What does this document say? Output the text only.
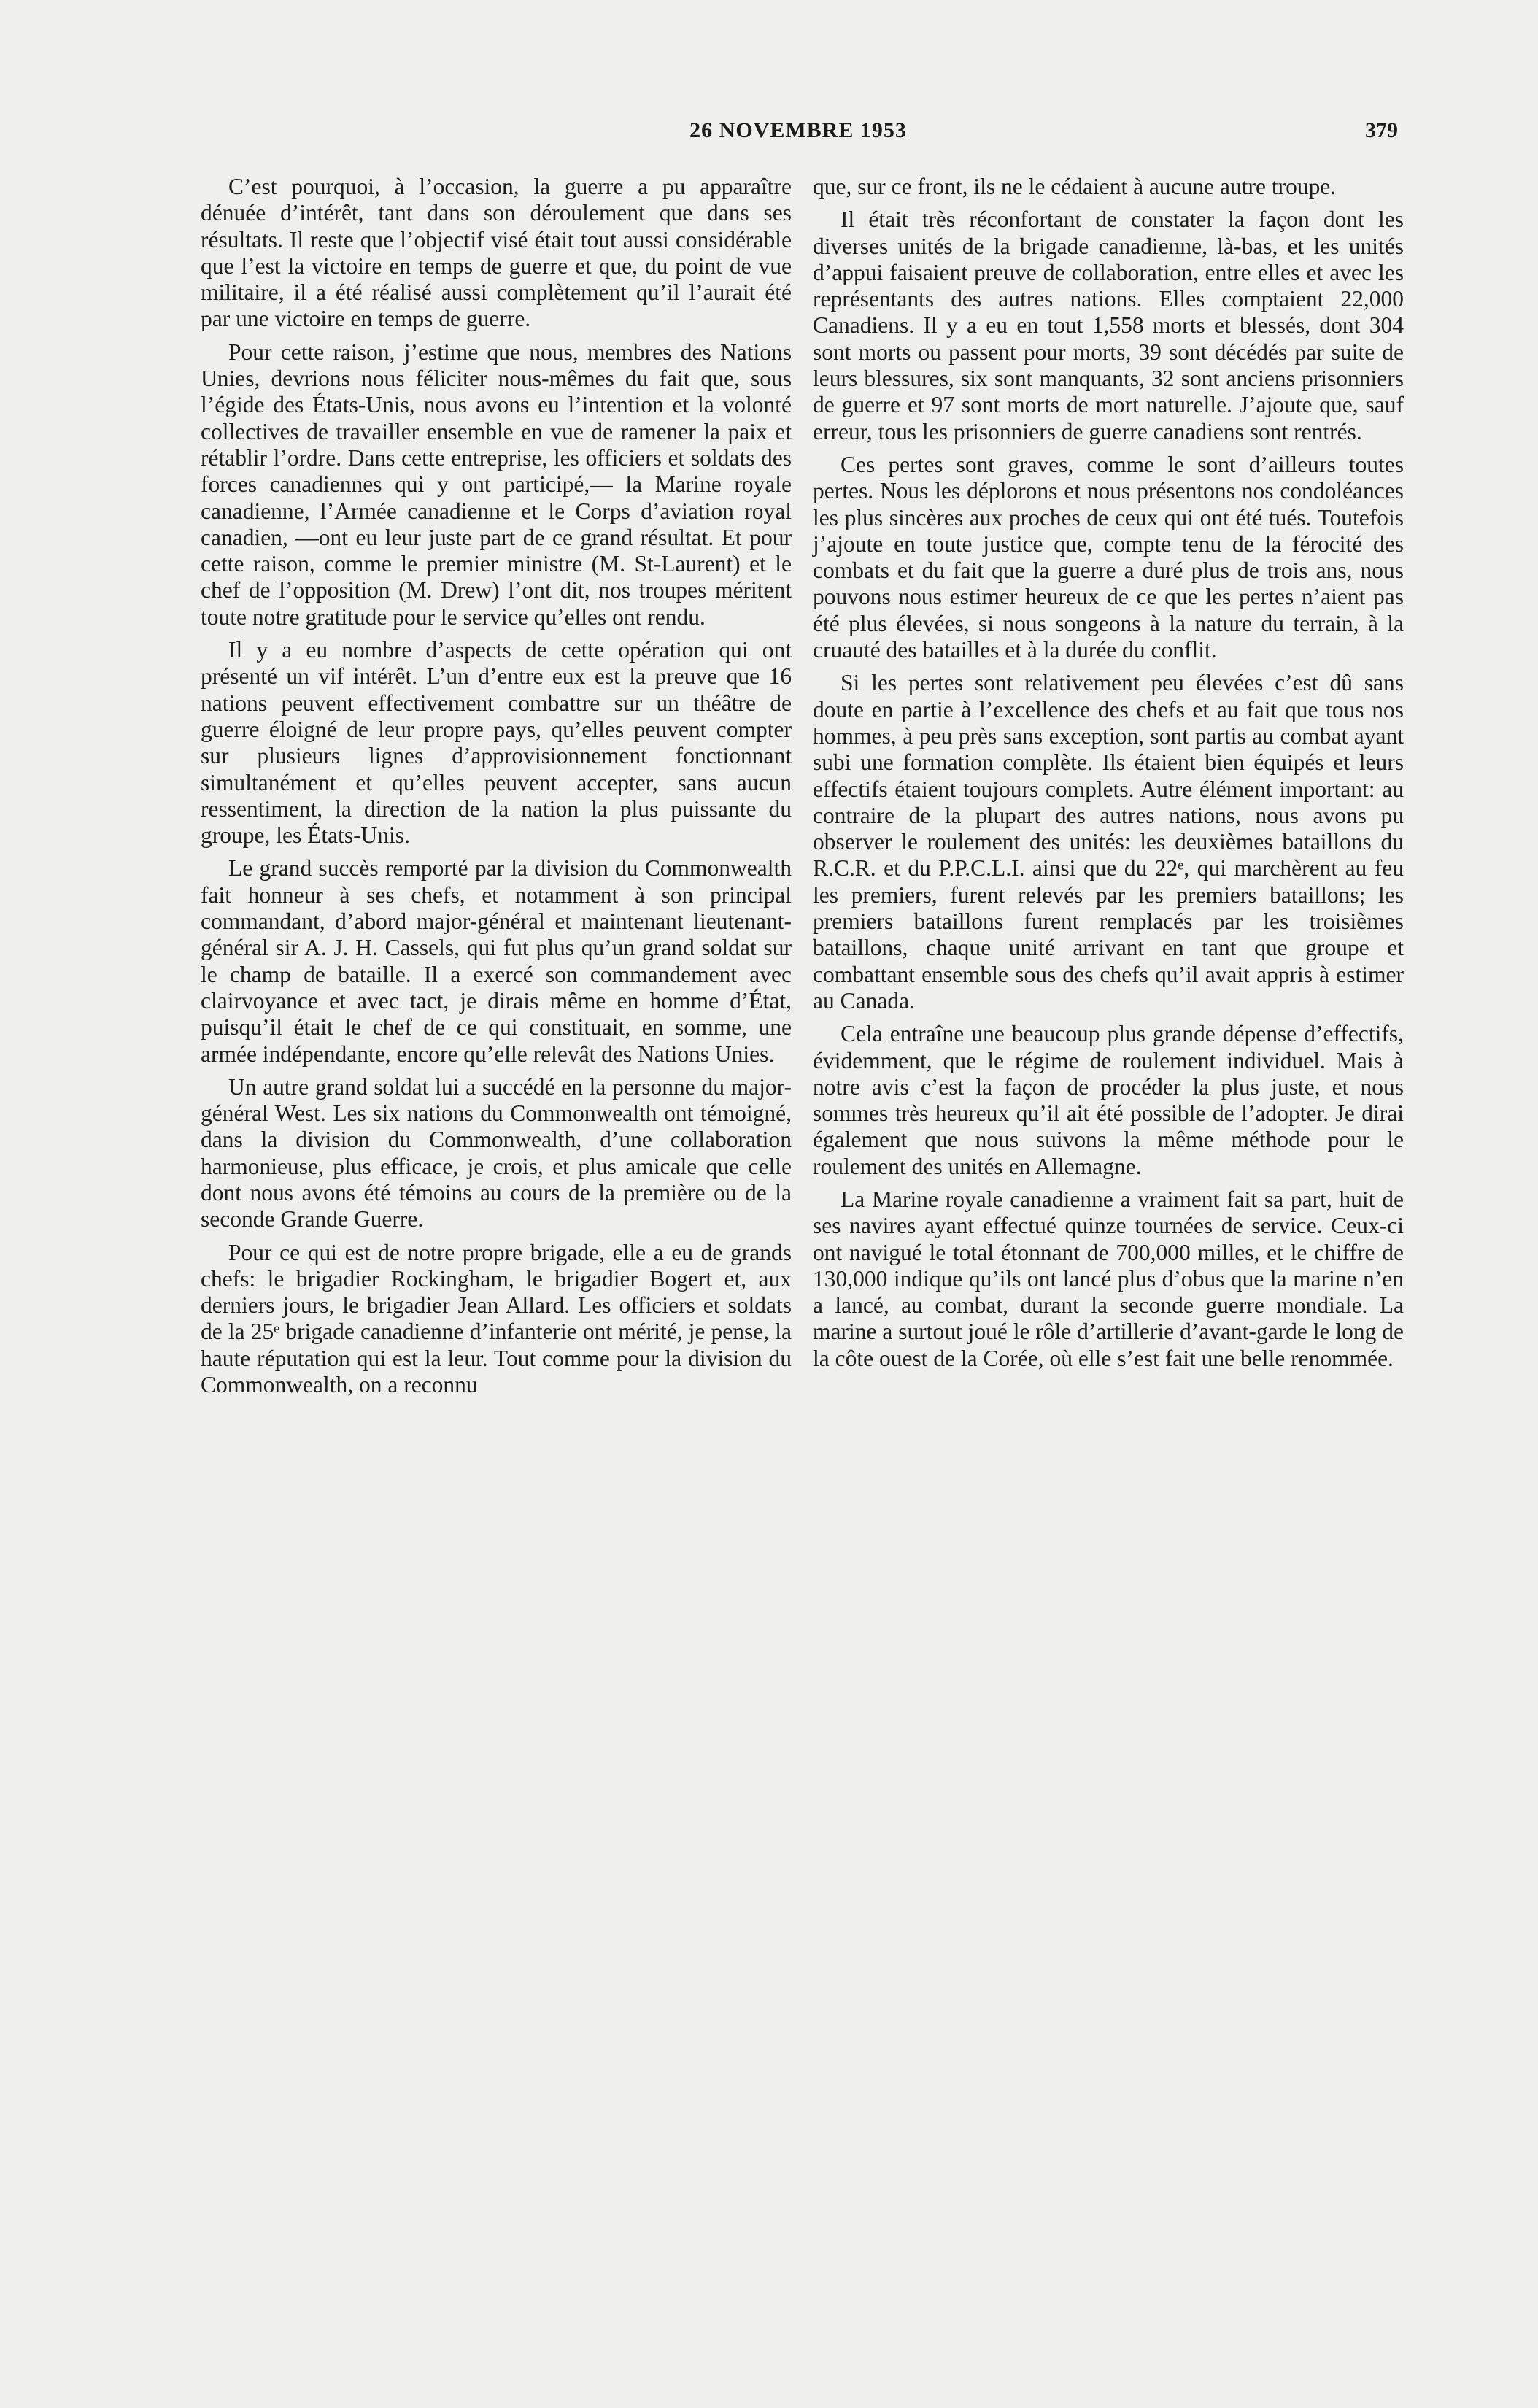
26 NOVEMBRE 1953	379

C’est pourquoi, à l’occasion, la guerre a pu apparaître dénuée d’intérêt, tant dans son déroulement que dans ses résultats. Il reste que l’objectif visé était tout aussi considérable que l’est la victoire en temps de guerre et que, du point de vue militaire, il a été réalisé aussi complètement qu’il l’aurait été par une victoire en temps de guerre.

Pour cette raison, j’estime que nous, membres des Nations Unies, devrions nous féliciter nous-mêmes du fait que, sous l’égide des États-Unis, nous avons eu l’intention et la volonté collectives de travailler ensemble en vue de ramener la paix et rétablir l’ordre. Dans cette entreprise, les officiers et soldats des forces canadiennes qui y ont participé,— la Marine royale canadienne, l’Armée canadienne et le Corps d’aviation royal canadien, —ont eu leur juste part de ce grand résultat. Et pour cette raison, comme le premier ministre (M. St-Laurent) et le chef de l’opposition (M. Drew) l’ont dit, nos troupes méritent toute notre gratitude pour le service qu’elles ont rendu.

Il y a eu nombre d’aspects de cette opération qui ont présenté un vif intérêt. L’un d’entre eux est la preuve que 16 nations peuvent effectivement combattre sur un théâtre de guerre éloigné de leur propre pays, qu’elles peuvent compter sur plusieurs lignes d’approvisionnement fonctionnant simultanément et qu’elles peuvent accepter, sans aucun ressentiment, la direction de la nation la plus puissante du groupe, les États-Unis.

Le grand succès remporté par la division du Commonwealth fait honneur à ses chefs, et notamment à son principal commandant, d’abord major-général et maintenant lieutenant-général sir A. J. H. Cassels, qui fut plus qu’un grand soldat sur le champ de bataille. Il a exercé son commandement avec clairvoyance et avec tact, je dirais même en homme d’État, puisqu’il était le chef de ce qui constituait, en somme, une armée indépendante, encore qu’elle relevât des Nations Unies.

Un autre grand soldat lui a succédé en la personne du major-général West. Les six nations du Commonwealth ont témoigné, dans la division du Commonwealth, d’une collaboration harmonieuse, plus efficace, je crois, et plus amicale que celle dont nous avons été témoins au cours de la première ou de la seconde Grande Guerre.

Pour ce qui est de notre propre brigade, elle a eu de grands chefs: le brigadier Rockingham, le brigadier Bogert et, aux derniers jours, le brigadier Jean Allard. Les officiers et soldats de la 25ᵉ brigade canadienne d’infanterie ont mérité, je pense, la haute réputation qui est la leur. Tout comme pour la division du Commonwealth, on a reconnu

que, sur ce front, ils ne le cédaient à aucune autre troupe.

Il était très réconfortant de constater la façon dont les diverses unités de la brigade canadienne, là-bas, et les unités d’appui faisaient preuve de collaboration, entre elles et avec les représentants des autres nations. Elles comptaient 22,000 Canadiens. Il y a eu en tout 1,558 morts et blessés, dont 304 sont morts ou passent pour morts, 39 sont décédés par suite de leurs blessures, six sont manquants, 32 sont anciens prisonniers de guerre et 97 sont morts de mort naturelle. J’ajoute que, sauf erreur, tous les prisonniers de guerre canadiens sont rentrés.

Ces pertes sont graves, comme le sont d’ailleurs toutes pertes. Nous les déplorons et nous présentons nos condoléances les plus sincères aux proches de ceux qui ont été tués. Toutefois j’ajoute en toute justice que, compte tenu de la férocité des combats et du fait que la guerre a duré plus de trois ans, nous pouvons nous estimer heureux de ce que les pertes n’aient pas été plus élevées, si nous songeons à la nature du terrain, à la cruauté des batailles et à la durée du conflit.

Si les pertes sont relativement peu élevées c’est dû sans doute en partie à l’excellence des chefs et au fait que tous nos hommes, à peu près sans exception, sont partis au combat ayant subi une formation complète. Ils étaient bien équipés et leurs effectifs étaient toujours complets. Autre élément important: au contraire de la plupart des autres nations, nous avons pu observer le roulement des unités: les deuxièmes bataillons du R.C.R. et du P.P.C.L.I. ainsi que du 22ᵉ, qui marchèrent au feu les premiers, furent relevés par les premiers bataillons; les premiers bataillons furent remplacés par les troisièmes bataillons, chaque unité arrivant en tant que groupe et combattant ensemble sous des chefs qu’il avait appris à estimer au Canada.

Cela entraîne une beaucoup plus grande dépense d’effectifs, évidemment, que le régime de roulement individuel. Mais à notre avis c’est la façon de procéder la plus juste, et nous sommes très heureux qu’il ait été possible de l’adopter. Je dirai également que nous suivons la même méthode pour le roulement des unités en Allemagne.

La Marine royale canadienne a vraiment fait sa part, huit de ses navires ayant effectué quinze tournées de service. Ceux-ci ont navigué le total étonnant de 700,000 milles, et le chiffre de 130,000 indique qu’ils ont lancé plus d’obus que la marine n’en a lancé, au combat, durant la seconde guerre mondiale. La marine a surtout joué le rôle d’artillerie d’avant-garde le long de la côte ouest de la Corée, où elle s’est fait une belle renommée.
